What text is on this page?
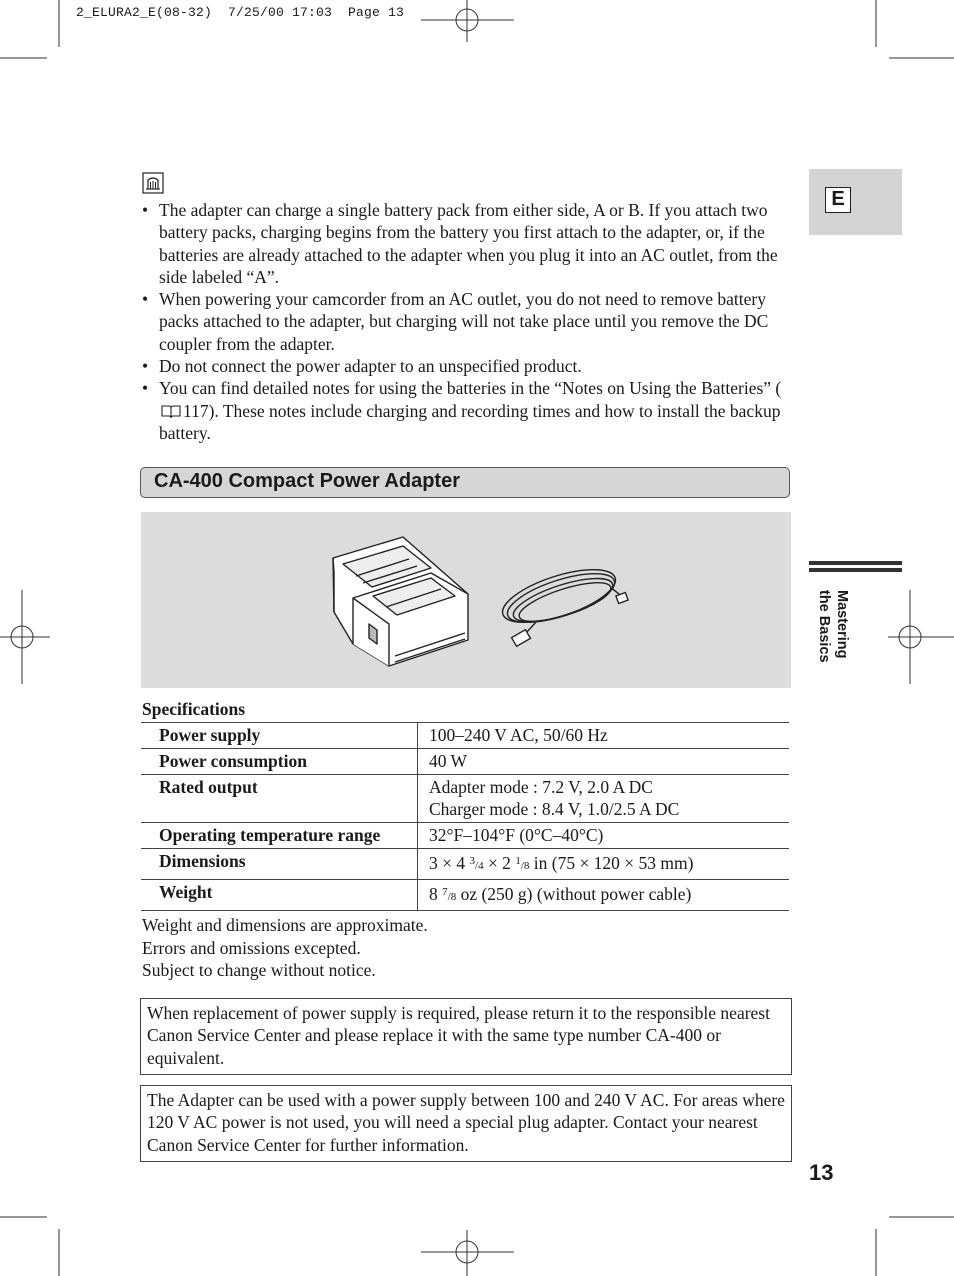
2_ELURA2_E(08-32)  7/25/00 17:03  Page 13
• The adapter can charge a single battery pack from either side, A or B. If you attach two battery packs, charging begins from the battery you first attach to the adapter, or, if the batteries are already attached to the adapter when you plug it into an AC outlet, from the side labeled “A”.
• When powering your camcorder from an AC outlet, you do not need to remove battery packs attached to the adapter, but charging will not take place until you remove the DC coupler from the adapter.
• Do not connect the power adapter to an unspecified product.
• You can find detailed notes for using the batteries in the “Notes on Using the Batteries” (117). These notes include charging and recording times and how to install the backup battery.
CA-400 Compact Power Adapter
Specifications
Power supply	100–240 V AC, 50/60 Hz
Power consumption	40 W
Rated output	Adapter mode : 7.2 V, 2.0 A DC
Charger mode : 8.4 V, 1.0/2.5 A DC

Operating temperature range	32°F–104°F (0°C–40°C)
Dimensions	3 × 4 $^3$/4 × 2 $^1$/8 in (75 × 120 × 53 mm)
Weight	8 $^7$/8 oz (250 g) (without power cable)
Weight and dimensions are approximate.
Errors and omissions excepted.
Subject to change without notice.
When replacement of power supply is required, please return it to the responsible nearest Canon Service Center and please replace it with the same type number CA-400 or equivalent.
The Adapter can be used with a power supply between 100 and 240 V AC. For areas where 120 V AC power is not used, you will need a special plug adapter. Contact your nearest Canon Service Center for further information.
E
Mastering
the Basics
13
